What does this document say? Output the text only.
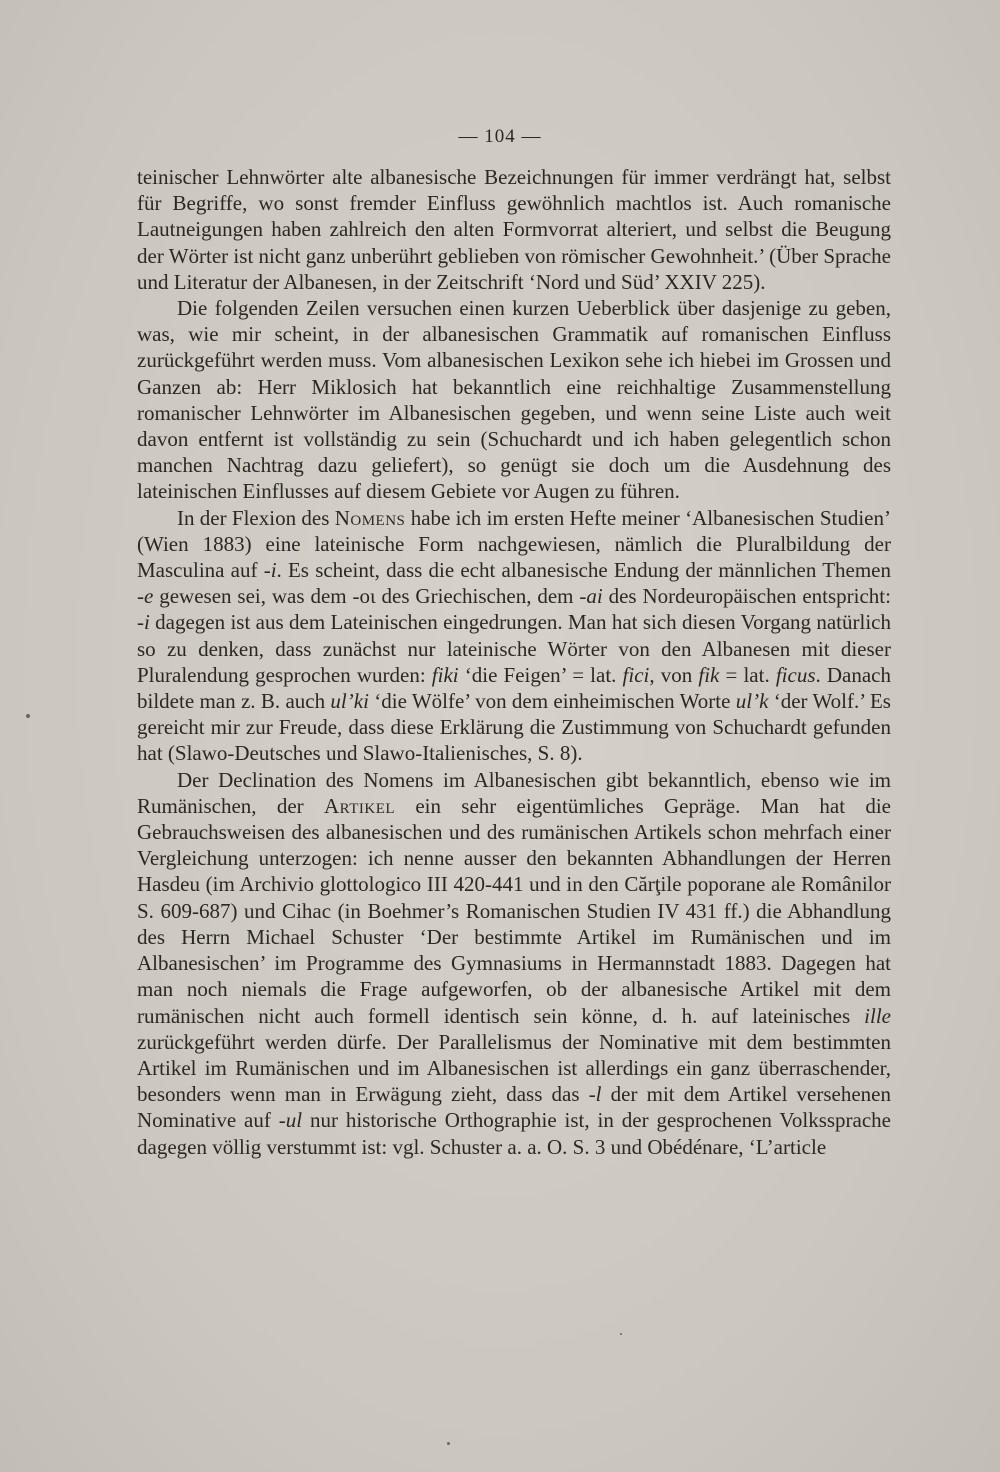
— 104 —

teinischer Lehnwörter alte albanesische Bezeichnungen für immer verdrängt hat, selbst für Begriffe, wo sonst fremder Einfluss gewöhnlich machtlos ist. Auch romanische Lautneigungen haben zahlreich den alten Formvorrat alteriert, und selbst die Beugung der Wörter ist nicht ganz unberührt geblieben von römischer Gewohnheit.’ (Über Sprache und Literatur der Albanesen, in der Zeitschrift ‘Nord und Süd’ XXIV 225).

Die folgenden Zeilen versuchen einen kurzen Ueberblick über dasjenige zu geben, was, wie mir scheint, in der albanesischen Grammatik auf romanischen Einfluss zurückgeführt werden muss. Vom albanesischen Lexikon sehe ich hiebei im Grossen und Ganzen ab: Herr Miklosich hat bekanntlich eine reichhaltige Zusammenstellung romanischer Lehnwörter im Albanesischen gegeben, und wenn seine Liste auch weit davon entfernt ist vollständig zu sein (Schuchardt und ich haben gelegentlich schon manchen Nachtrag dazu geliefert), so genügt sie doch um die Ausdehnung des lateinischen Einflusses auf diesem Gebiete vor Augen zu führen.

In der Flexion des Nomens habe ich im ersten Hefte meiner ‘Albanesischen Studien’ (Wien 1883) eine lateinische Form nachgewiesen, nämlich die Pluralbildung der Masculina auf -i. Es scheint, dass die echt albanesische Endung der männlichen Themen -e gewesen sei, was dem -οι des Griechischen, dem -ai des Nordeuropäischen entspricht: -i dagegen ist aus dem Lateinischen eingedrungen. Man hat sich diesen Vorgang natürlich so zu denken, dass zunächst nur lateinische Wörter von den Albanesen mit dieser Pluralendung gesprochen wurden: fiki ‘die Feigen’ = lat. fici, von fik = lat. ficus. Danach bildete man z. B. auch ul’ki ‘die Wölfe’ von dem einheimischen Worte ul’k ‘der Wolf.’ Es gereicht mir zur Freude, dass diese Erklärung die Zustimmung von Schuchardt gefunden hat (Slawo-Deutsches und Slawo-Italienisches, S. 8).

Der Declination des Nomens im Albanesischen gibt bekanntlich, ebenso wie im Rumänischen, der Artikel ein sehr eigentümliches Gepräge. Man hat die Gebrauchsweisen des albanesischen und des rumänischen Artikels schon mehrfach einer Vergleichung unterzogen: ich nenne ausser den bekannten Abhandlungen der Herren Hasdeu (im Archivio glottologico III 420-441 und in den Cărţile poporane ale Românilor S. 609-687) und Cihac (in Boehmer’s Romanischen Studien IV 431 ff.) die Abhandlung des Herrn Michael Schuster ‘Der bestimmte Artikel im Rumänischen und im Albanesischen’ im Programme des Gymnasiums in Hermannstadt 1883. Dagegen hat man noch niemals die Frage aufgeworfen, ob der albanesische Artikel mit dem rumänischen nicht auch formell identisch sein könne, d. h. auf lateinisches ille zurückgeführt werden dürfe. Der Parallelismus der Nominative mit dem bestimmten Artikel im Rumänischen und im Albanesischen ist allerdings ein ganz überraschender, besonders wenn man in Erwägung zieht, dass das -l der mit dem Artikel versehenen Nominative auf -ul nur historische Orthographie ist, in der gesprochenen Volkssprache dagegen völlig verstummt ist: vgl. Schuster a. a. O. S. 3 und Obédénare, ‘L’article
